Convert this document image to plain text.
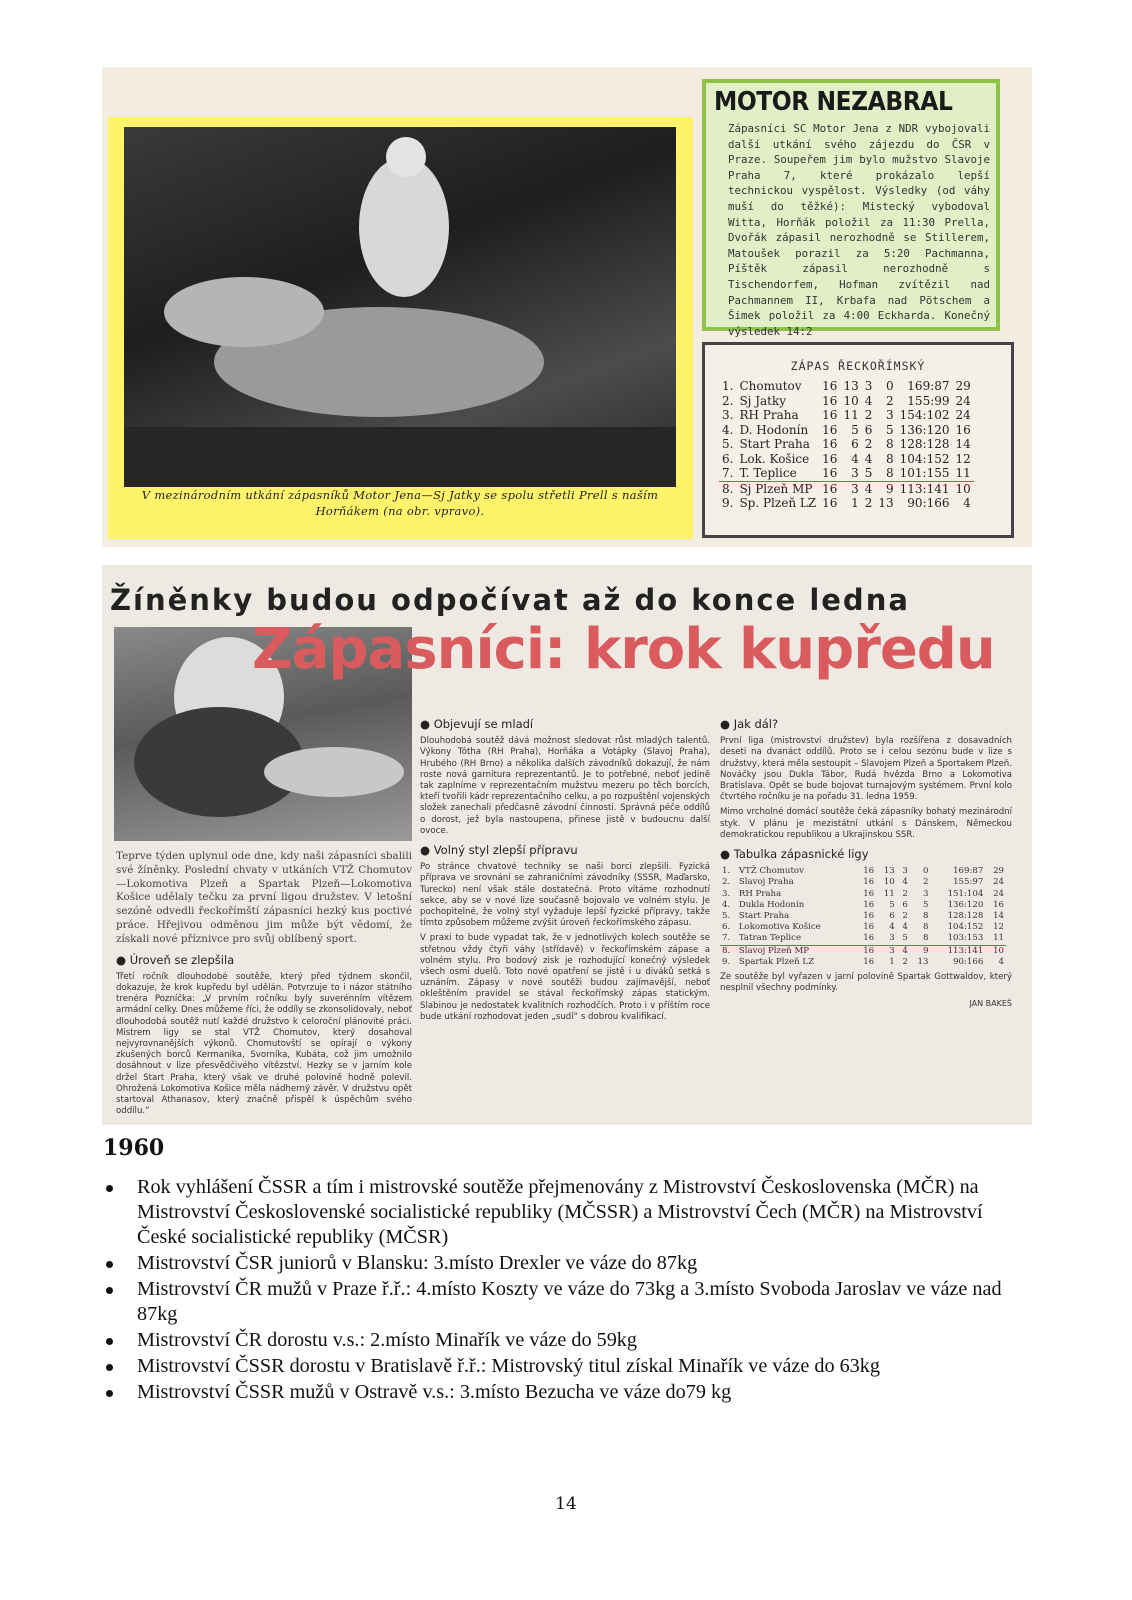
V mezinárodním utkání zápasníků Motor Jena—Sj Jatky se spolu střetli Prell s naším Horňákem (na obr. vpravo).
MOTOR NEZABRAL

Zápasníci SC Motor Jena z NDR vybojovali další utkání svého zájezdu do ČSR v Praze. Soupeřem jim bylo mužstvo Slavoje Praha 7, které prokázalo lepší technickou vyspělost. Výsledky (od váhy muší do těžké): Mistecký vybodoval Witta, Horňák položil za 11:30 Prella, Dvořák zápasil nerozhodně se Stillerem, Matoušek porazil za 5:20 Pachmanna, Píštěk zápasil nerozhodně s Tischendorfem, Hofman zvítězil nad Pachmannem II, Krbafa nad Pötschem a Šimek položil za 4:00 Eckharda. Konečný výsledek 14:2

ZÁPAS ŘECKOŘÍMSKÝ
1.	Chomutov	16	13	3	0	169:87	29
2.	Sj Jatky	16	10	4	2	155:99	24
3.	RH Praha	16	11	2	3	154:102	24
4.	D. Hodonín	16	5	6	5	136:120	16
5.	Start Praha	16	6	2	8	128:128	14
6.	Lok. Košice	16	4	4	8	104:152	12
7.	T. Teplice	16	3	5	8	101:155	11
8.	Sj Plzeň MP	16	3	4	9	113:141	10
9.	Sp. Plzeň LZ	16	1	2	13	90:166	4
Žíněnky budou odpočívat až do konce ledna
Zápasníci: krok kupředu

Teprve týden uplynul ode dne, kdy naši zápasníci sbalili své žíněnky. Poslední chvaty v utkáních VTŽ Chomutov—Lokomotiva Plzeň a Spartak Plzeň—Lokomotiva Košice udělaly tečku za první ligou družstev. V letošní sezóně odvedli řeckořímští zápasníci hezký kus poctivé práce. Hřejivou odměnou jim může být vědomí, že získali nové příznivce pro svůj oblíbený sport.

● Úroveň se zlepšila

Třetí ročník dlouhodobé soutěže, který před týdnem skončil, dokazuje, že krok kupředu byl udělán. Potvrzuje to i názor státního trenéra Pozníčka: „V prvním ročníku byly suverénním vítězem armádní celky. Dnes můžeme říci, že oddíly se zkonsolidovaly, neboť dlouhodobá soutěž nutí každé družstvo k celoroční plánovité práci. Mistrem ligy se stal VTŽ Chomutov, který dosahoval nejvyrovnanějších výkonů. Chomutovští se opírají o výkony zkušených borců Kermanika, Svorníka, Kubáta, což jim umožnilo dosáhnout v lize přesvědčivého vítězství. Hezky se v jarním kole držel Start Praha, který však ve druhé polovině hodně polevil. Ohrožená Lokomotiva Košice měla nádherný závěr. V družstvu opět startoval Athanasov, který značně přispěl k úspěchům svého oddílu.“

● Objevují se mladí

Dlouhodobá soutěž dává možnost sledovat růst mladých talentů. Výkony Tótha (RH Praha), Horňáka a Votápky (Slavoj Praha), Hrubého (RH Brno) a několika dalších závodníků dokazují, že nám roste nová garnitura reprezentantů. Je to potřebné, neboť jedině tak zaplníme v reprezentačním mužstvu mezeru po těch borcích, kteří tvořili kádr reprezentačního celku, a po rozpuštění vojenských složek zanechali předčasně závodní činnosti. Správná péče oddílů o dorost, jež byla nastoupena, přinese jistě v budoucnu další ovoce.

● Volný styl zlepší přípravu

Po stránce chvatové techniky se naši borci zlepšili. Fyzická příprava ve srovnání se zahraničními závodníky (SSSR, Maďarsko, Turecko) není však stále dostatečná. Proto vítáme rozhodnutí sekce, aby se v nové lize současně bojovalo ve volném stylu. Je pochopitelné, že volný styl vyžaduje lepší fyzické přípravy, takže tímto způsobem můžeme zvýšit úroveň řeckořímského zápasu.

V praxi to bude vypadat tak, že v jednotlivých kolech soutěže se střetnou vždy čtyři váhy (střídavě) v řeckořímském zápase a volném stylu. Pro bodový zisk je rozhodující konečný výsledek všech osmi duelů. Toto nové opatření se jistě i u diváků setká s uznáním. Zápasy v nové soutěži budou zajímavější, neboť okleštěním pravidel se stával řeckořímský zápas statickým. Slabinou je nedostatek kvalitních rozhodčích. Proto i v příštím roce bude utkání rozhodovat jeden „sudí“ s dobrou kvalifikací.

● Jak dál?

První liga (mistrovství družstev) byla rozšířena z dosavadních deseti na dvanáct oddílů. Proto se i celou sezónu bude v lize s družstvy, která měla sestoupit – Slavojem Plzeň a Sportakem Plzeň. Nováčky jsou Dukla Tábor, Rudá hvězda Brno a Lokomotiva Bratislava. Opět se bude bojovat turnajovým systémem. První kolo čtvrtého ročníku je na pořadu 31. ledna 1959.

Mimo vrcholné domácí soutěže čeká zápasníky bohatý mezinárodní styk. V plánu je mezistátní utkání s Dánskem, Německou demokratickou republikou a Ukrajinskou SSR.

● Tabulka zápasnické ligy

1.	VTŽ Chomutov	16	13	3	0	169:87	29
2.	Slavoj Praha	16	10	4	2	155:97	24
3.	RH Praha	16	11	2	3	151:104	24
4.	Dukla Hodonín	16	5	6	5	136:120	16
5.	Start Praha	16	6	2	8	128:128	14
6.	Lokomotiva Košice	16	4	4	8	104:152	12
7.	Tatran Teplice	16	3	5	8	103:153	11
8.	Slavoj Plzeň MP	16	3	4	9	113:141	10
9.	Spartak Plzeň LZ	16	1	2	13	90:166	4

Ze soutěže byl vyřazen v jarní polovině Spartak Gottwaldov, který nesplnil všechny podmínky.

JAN BAKEŠ

1960
Rok vyhlášení ČSSR a tím i mistrovské soutěže přejmenovány z Mistrovství Československa (MČR) na Mistrovství Československé socialistické republiky (MČSSR) a Mistrovství Čech (MČR) na Mistrovství České socialistické republiky (MČSR)
Mistrovství ČSR juniorů v Blansku: 3.místo Drexler ve váze do 87kg
Mistrovství ČR mužů v Praze ř.ř.: 4.místo Koszty ve váze do 73kg a 3.místo Svoboda Jaroslav ve váze nad 87kg
Mistrovství ČR dorostu v.s.: 2.místo Minařík ve váze do 59kg
Mistrovství ČSSR dorostu v Bratislavě ř.ř.: Mistrovský titul získal Minařík ve váze do 63kg
Mistrovství ČSSR mužů v Ostravě v.s.: 3.místo Bezucha ve váze do79 kg
14
